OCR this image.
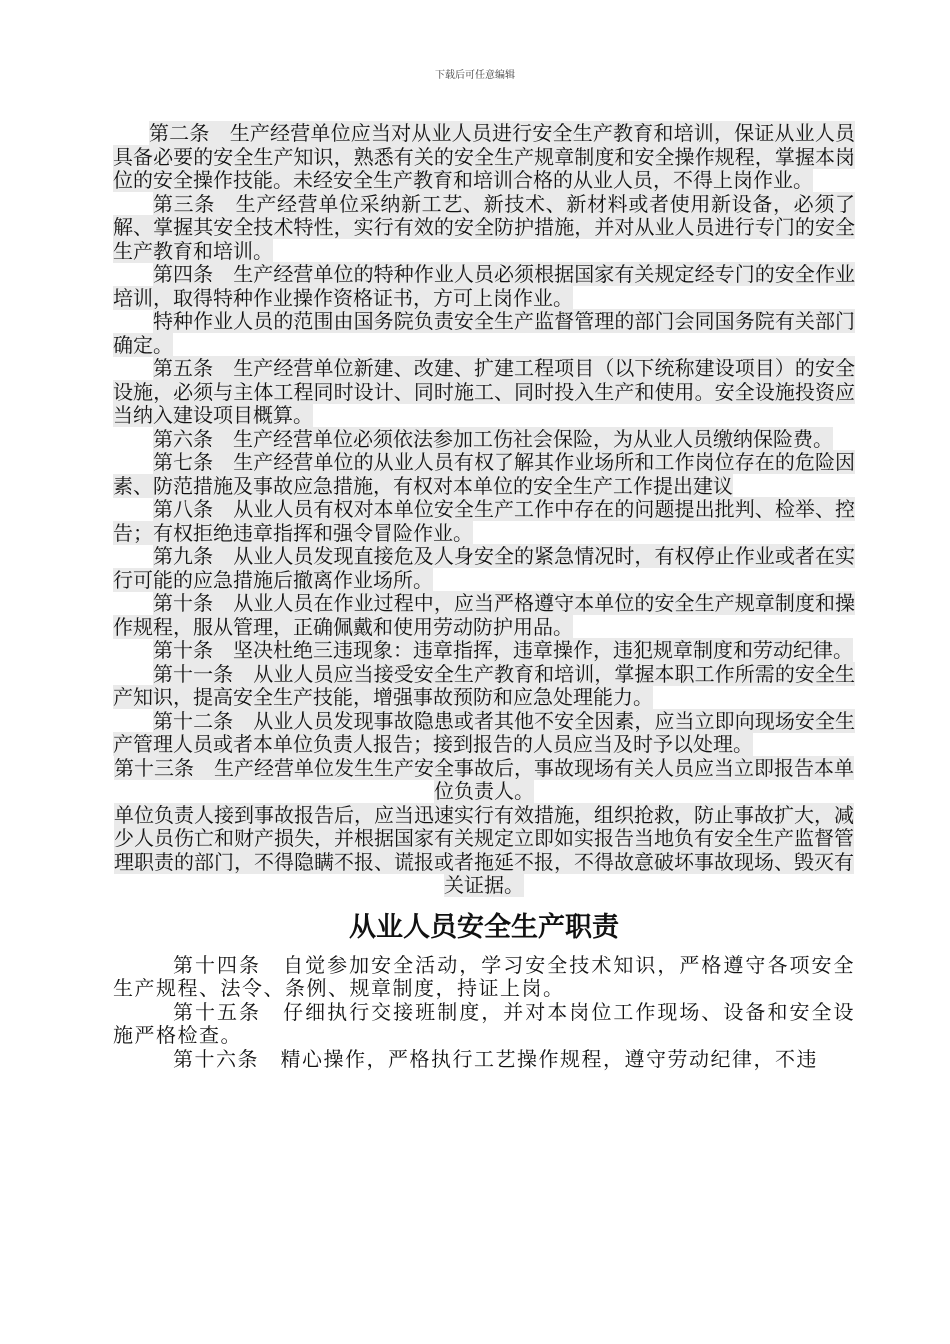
下载后可任意编辑

第二条　生产经营单位应当对从业人员进行安全生产教育和培训，保证从业人员具备必要的安全生产知识，熟悉有关的安全生产规章制度和安全操作规程，掌握本岗位的安全操作技能。未经安全生产教育和培训合格的从业人员，不得上岗作业。

第三条　生产经营单位采纳新工艺、新技术、新材料或者使用新设备，必须了解、掌握其安全技术特性，实行有效的安全防护措施，并对从业人员进行专门的安全生产教育和培训。

第四条　生产经营单位的特种作业人员必须根据国家有关规定经专门的安全作业培训，取得特种作业操作资格证书，方可上岗作业。

特种作业人员的范围由国务院负责安全生产监督管理的部门会同国务院有关部门确定。

第五条　生产经营单位新建、改建、扩建工程项目（以下统称建设项目）的安全设施，必须与主体工程同时设计、同时施工、同时投入生产和使用。安全设施投资应当纳入建设项目概算。

第六条　生产经营单位必须依法参加工伤社会保险，为从业人员缴纳保险费。

第七条　生产经营单位的从业人员有权了解其作业场所和工作岗位存在的危险因素、防范措施及事故应急措施，有权对本单位的安全生产工作提出建议

第八条　从业人员有权对本单位安全生产工作中存在的问题提出批判、检举、控告；有权拒绝违章指挥和强令冒险作业。

第九条　从业人员发现直接危及人身安全的紧急情况时，有权停止作业或者在实行可能的应急措施后撤离作业场所。

第十条　从业人员在作业过程中，应当严格遵守本单位的安全生产规章制度和操作规程，服从管理，正确佩戴和使用劳动防护用品。

第十条　坚决杜绝三违现象：违章指挥，违章操作，违犯规章制度和劳动纪律。

第十一条　从业人员应当接受安全生产教育和培训，掌握本职工作所需的安全生产知识，提高安全生产技能，增强事故预防和应急处理能力。

第十二条　从业人员发现事故隐患或者其他不安全因素，应当立即向现场安全生产管理人员或者本单位负责人报告；接到报告的人员应当及时予以处理。

第十三条　生产经营单位发生生产安全事故后，事故现场有关人员应当立即报告本单位负责人。

单位负责人接到事故报告后，应当迅速实行有效措施，组织抢救，防止事故扩大，减少人员伤亡和财产损失，并根据国家有关规定立即如实报告当地负有安全生产监督管理职责的部门，不得隐瞒不报、谎报或者拖延不报，不得故意破坏事故现场、毁灭有关证据。

从业人员安全生产职责

第十四条　自觉参加安全活动，学习安全技术知识，严格遵守各项安全生产规程、法令、条例、规章制度，持证上岗。

第十五条　仔细执行交接班制度，并对本岗位工作现场、设备和安全设施严格检查。

第十六条　精心操作，严格执行工艺操作规程，遵守劳动纪律，不违
